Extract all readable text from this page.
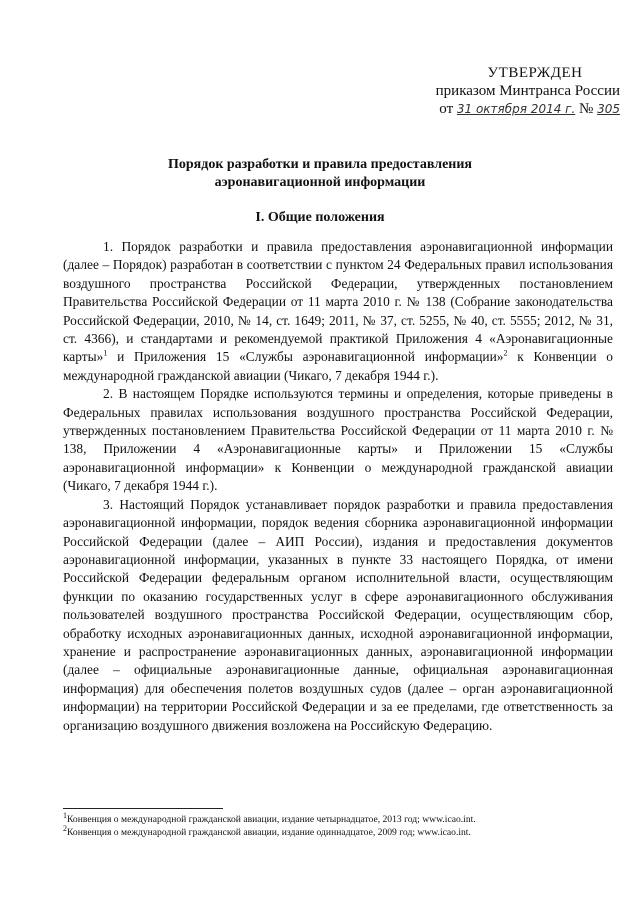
УТВЕРЖДЕН
приказом Минтранса России
от 31 октября 2014 г. № 305
Порядок разработки и правила предоставления
аэронавигационной информации
I. Общие положения

1. Порядок разработки и правила предоставления аэронавигационной информации (далее – Порядок) разработан в соответствии с пунктом 24 Федеральных правил использования воздушного пространства Российской Федерации, утвержденных постановлением Правительства Российской Федерации от 11 марта 2010 г. № 138 (Собрание законодательства Российской Федерации, 2010, № 14, ст. 1649; 2011, № 37, ст. 5255, № 40, ст. 5555; 2012, № 31, ст. 4366), и стандартами и рекомендуемой практикой Приложения 4 «Аэронавигационные карты»$^1$ и Приложения 15 «Службы аэронавигационной информации»$^2$ к Конвенции о международной гражданской авиации (Чикаго, 7 декабря 1944 г.).

2. В настоящем Порядке используются термины и определения, которые приведены в Федеральных правилах использования воздушного пространства Российской Федерации, утвержденных постановлением Правительства Российской Федерации от 11 марта 2010 г. № 138, Приложении 4 «Аэронавигационные карты» и Приложении 15 «Службы аэронавигационной информации» к Конвенции о международной гражданской авиации (Чикаго, 7 декабря 1944 г.).

3. Настоящий Порядок устанавливает порядок разработки и правила предоставления аэронавигационной информации, порядок ведения сборника аэронавигационной информации Российской Федерации (далее – АИП России), издания и предоставления документов аэронавигационной информации, указанных в пункте 33 настоящего Порядка, от имени Российской Федерации федеральным органом исполнительной власти, осуществляющим функции по оказанию государственных услуг в сфере аэронавигационного обслуживания пользователей воздушного пространства Российской Федерации, осуществляющим сбор, обработку исходных аэронавигационных данных, исходной аэронавигационной информации, хранение и распространение аэронавигационных данных, аэронавигационной информации (далее – официальные аэронавигационные данные, официальная аэронавигационная информация) для обеспечения полетов воздушных судов (далее – орган аэронавигационной информации) на территории Российской Федерации и за ее пределами, где ответственность за организацию воздушного движения возложена на Российскую Федерацию.

$^1$Конвенция о международной гражданской авиации, издание четырнадцатое, 2013 год; www.icao.int.
$^2$Конвенция о международной гражданской авиации, издание одиннадцатое, 2009 год; www.icao.int.
